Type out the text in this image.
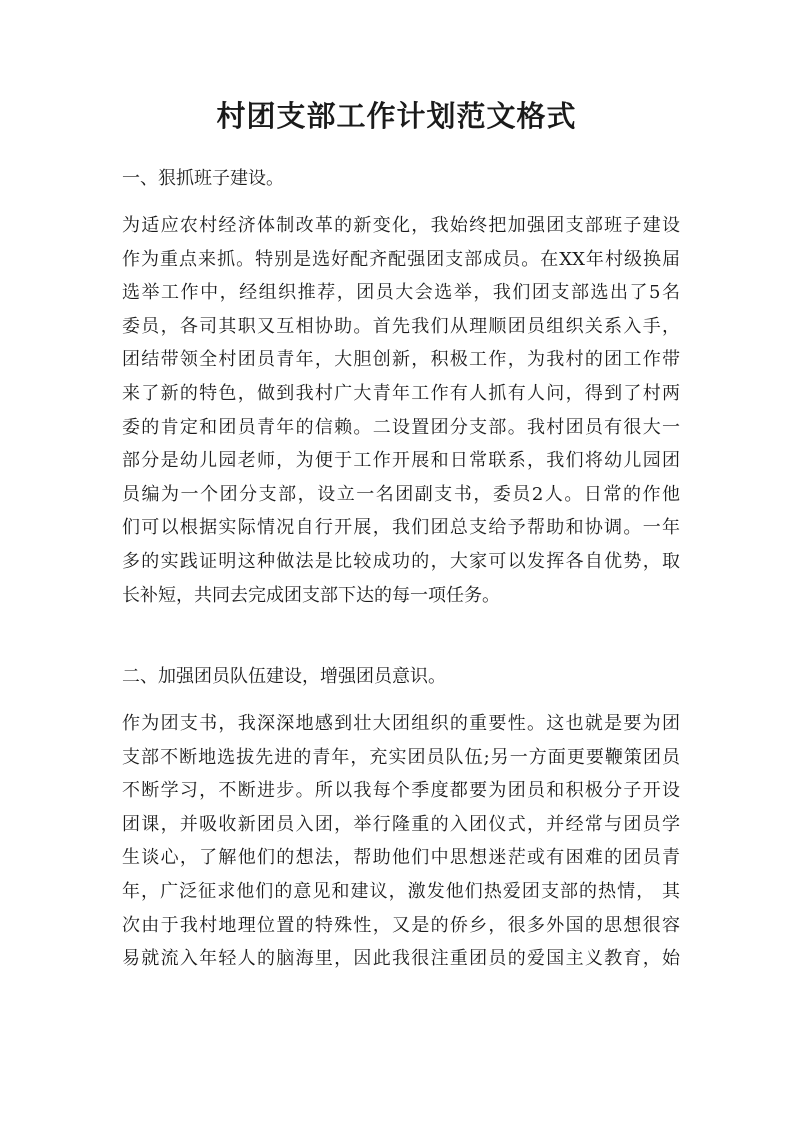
村团支部工作计划范文格式

一、狠抓班子建设。

为适应农村经济体制改革的新变化，我始终把加强团支部班子建设
作为重点来抓。特别是选好配齐配强团支部成员。在XX年村级换届
选举工作中，经组织推荐，团员大会选举，我们团支部选出了5名
委员，各司其职又互相协助。首先我们从理顺团员组织关系入手，
团结带领全村团员青年，大胆创新，积极工作，为我村的团工作带
来了新的特色，做到我村广大青年工作有人抓有人问，得到了村两
委的肯定和团员青年的信赖。二设置团分支部。我村团员有很大一
部分是幼儿园老师，为便于工作开展和日常联系，我们将幼儿园团
员编为一个团分支部，设立一名团副支书，委员2人。日常的作他
们可以根据实际情况自行开展，我们团总支给予帮助和协调。一年
多的实践证明这种做法是比较成功的，大家可以发挥各自优势，取
长补短，共同去完成团支部下达的每一项任务。

二、加强团员队伍建设，增强团员意识。

作为团支书，我深深地感到壮大团组织的重要性。这也就是要为团
支部不断地选拔先进的青年，充实团员队伍;另一方面更要鞭策团员
不断学习，不断进步。所以我每个季度都要为团员和积极分子开设
团课，并吸收新团员入团，举行隆重的入团仪式，并经常与团员学
生谈心，了解他们的想法，帮助他们中思想迷茫或有困难的团员青
年，广泛征求他们的意见和建议，激发他们热爱团支部的热情， 其
次由于我村地理位置的特殊性，又是的侨乡，很多外国的思想很容
易就流入年轻人的脑海里，因此我很注重团员的爱国主义教育，始
